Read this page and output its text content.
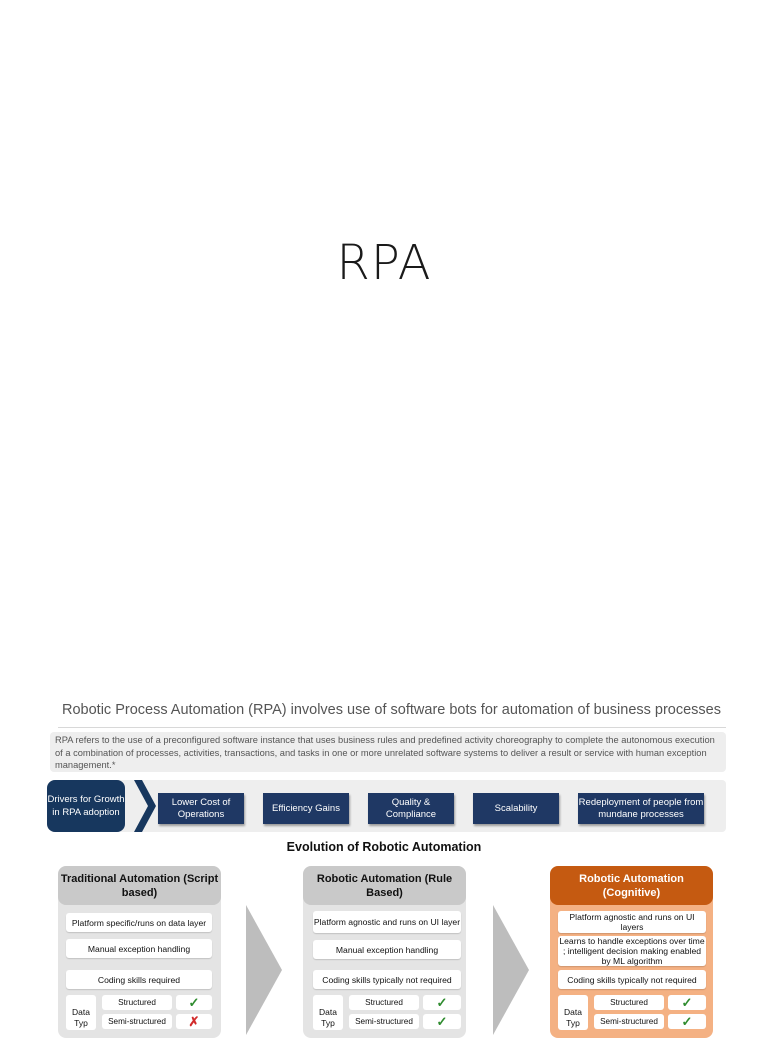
RPA
Robotic Process Automation (RPA) involves use of software bots for automation of business processes
RPA refers to the use of a preconfigured software instance that uses business rules and predefined activity choreography to complete the autonomous execution of a combination of processes, activities, transactions, and tasks in one or more unrelated software systems to deliver a result or service with human exception management.*
Drivers for Growth in RPA adoption
Lower Cost of Operations
Efficiency Gains
Quality & Compliance
Scalability
Redeployment of people from mundane processes
Evolution of Robotic Automation
Traditional Automation (Script based)
Platform specific/runs on data layer
Manual exception handling
Coding skills required
Data Typ
Structured
Semi-structured
✓
✗
Robotic Automation (Rule Based)
Platform agnostic and runs on UI layer
Manual exception handling
Coding skills typically not required
Data Typ
Structured
Semi-structured
✓
✓
Robotic Automation (Cognitive)
Platform agnostic and runs on UI layers
Learns to handle exceptions over time ; intelligent decision making enabled by ML algorithm
Coding skills typically not required
Data Typ
Structured
Semi-structured
✓
✓
